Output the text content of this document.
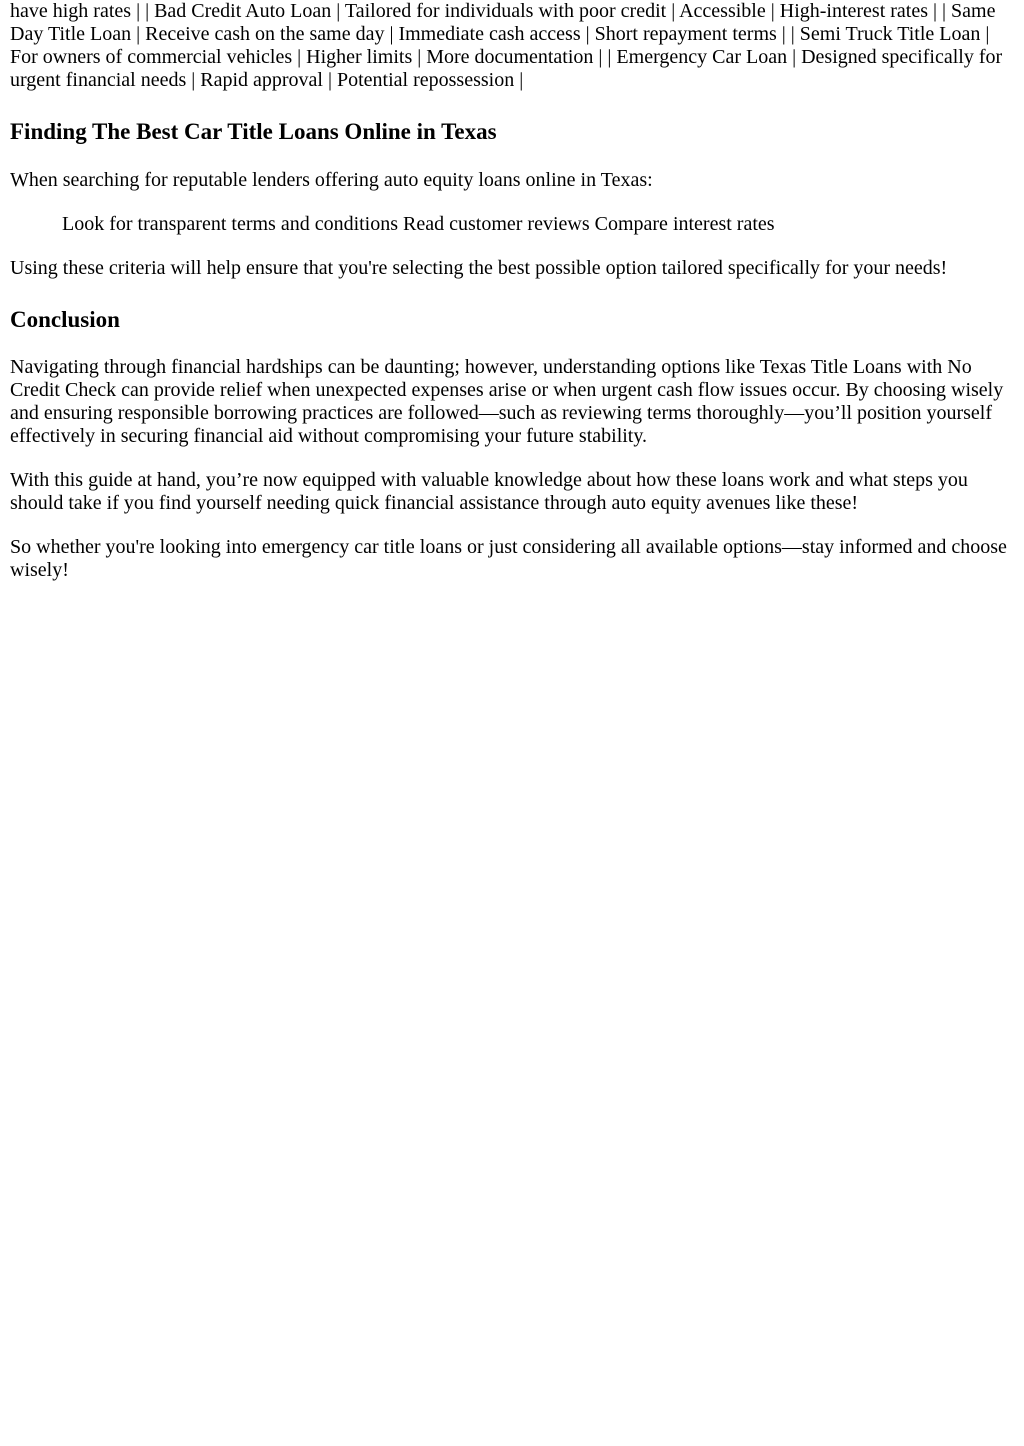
have high rates | | Bad Credit Auto Loan | Tailored for individuals with poor credit | Accessible | High-interest rates | | Same Day Title Loan | Receive cash on the same day | Immediate cash access | Short repayment terms | | Semi Truck Title Loan | For owners of commercial vehicles | Higher limits | More documentation | | Emergency Car Loan | Designed specifically for urgent financial needs | Rapid approval | Potential repossession |

Finding The Best Car Title Loans Online in Texas

When searching for reputable lenders offering auto equity loans online in Texas:

Look for transparent terms and conditions Read customer reviews Compare interest rates

Using these criteria will help ensure that you're selecting the best possible option tailored specifically for your needs!

Conclusion

Navigating through financial hardships can be daunting; however, understanding options like Texas Title Loans with No Credit Check can provide relief when unexpected expenses arise or when urgent cash flow issues occur. By choosing wisely and ensuring responsible borrowing practices are followed—such as reviewing terms thoroughly—you’ll position yourself effectively in securing financial aid without compromising your future stability.

With this guide at hand, you’re now equipped with valuable knowledge about how these loans work and what steps you should take if you find yourself needing quick financial assistance through auto equity avenues like these!

So whether you're looking into emergency car title loans or just considering all available options—stay informed and choose wisely!
